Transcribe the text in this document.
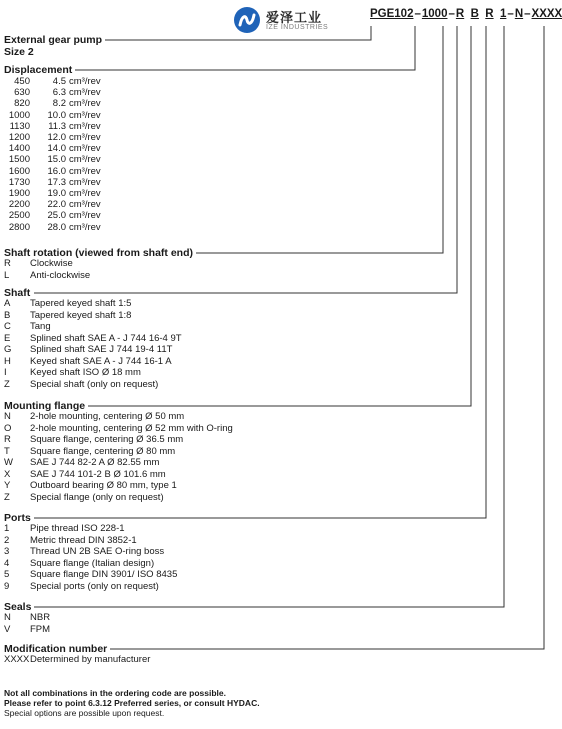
爱泽工业
IZE INDUSTRIES
PGE102–1000–R B R 1–N–XXXX
External gear pump
Size 2
Displacement
450 4.5 cm³/rev
630 6.3 cm³/rev
820 8.2 cm³/rev
1000 10.0 cm³/rev
1130 11.3 cm³/rev
1200 12.0 cm³/rev
1400 14.0 cm³/rev
1500 15.0 cm³/rev
1600 16.0 cm³/rev
1730 17.3 cm³/rev
1900 19.0 cm³/rev
2200 22.0 cm³/rev
2500 25.0 cm³/rev
2800 28.0 cm³/rev
Shaft rotation (viewed from shaft end)
R Clockwise
L Anti-clockwise
Shaft
A Tapered keyed shaft 1:5
B Tapered keyed shaft 1:8
C Tang
E Splined shaft SAE A - J 744 16-4 9T
G Splined shaft SAE J 744 19-4 11T
H Keyed shaft SAE A - J 744 16-1 A
I Keyed shaft ISO Ø 18 mm
Z Special shaft (only on request)
Mounting flange
N 2-hole mounting, centering Ø 50 mm
O 2-hole mounting, centering Ø 52 mm with O-ring
R Square flange, centering Ø 36.5 mm
T Square flange, centering Ø 80 mm
W SAE J 744 82-2 A Ø 82.55 mm
X SAE J 744 101-2 B Ø 101.6 mm
Y Outboard bearing Ø 80 mm, type 1
Z Special flange (only on request)
Ports
1 Pipe thread ISO 228-1
2 Metric thread DIN 3852-1
3 Thread UN 2B SAE O-ring boss
4 Square flange (Italian design)
5 Square flange DIN 3901/ ISO 8435
9 Special ports (only on request)
Seals
N NBR
V FPM
Modification number
XXXXDetermined by manufacturer
Not all combinations in the ordering code are possible.
Please refer to point 6.3.12 Preferred series, or consult HYDAC.
Special options are possible upon request.
